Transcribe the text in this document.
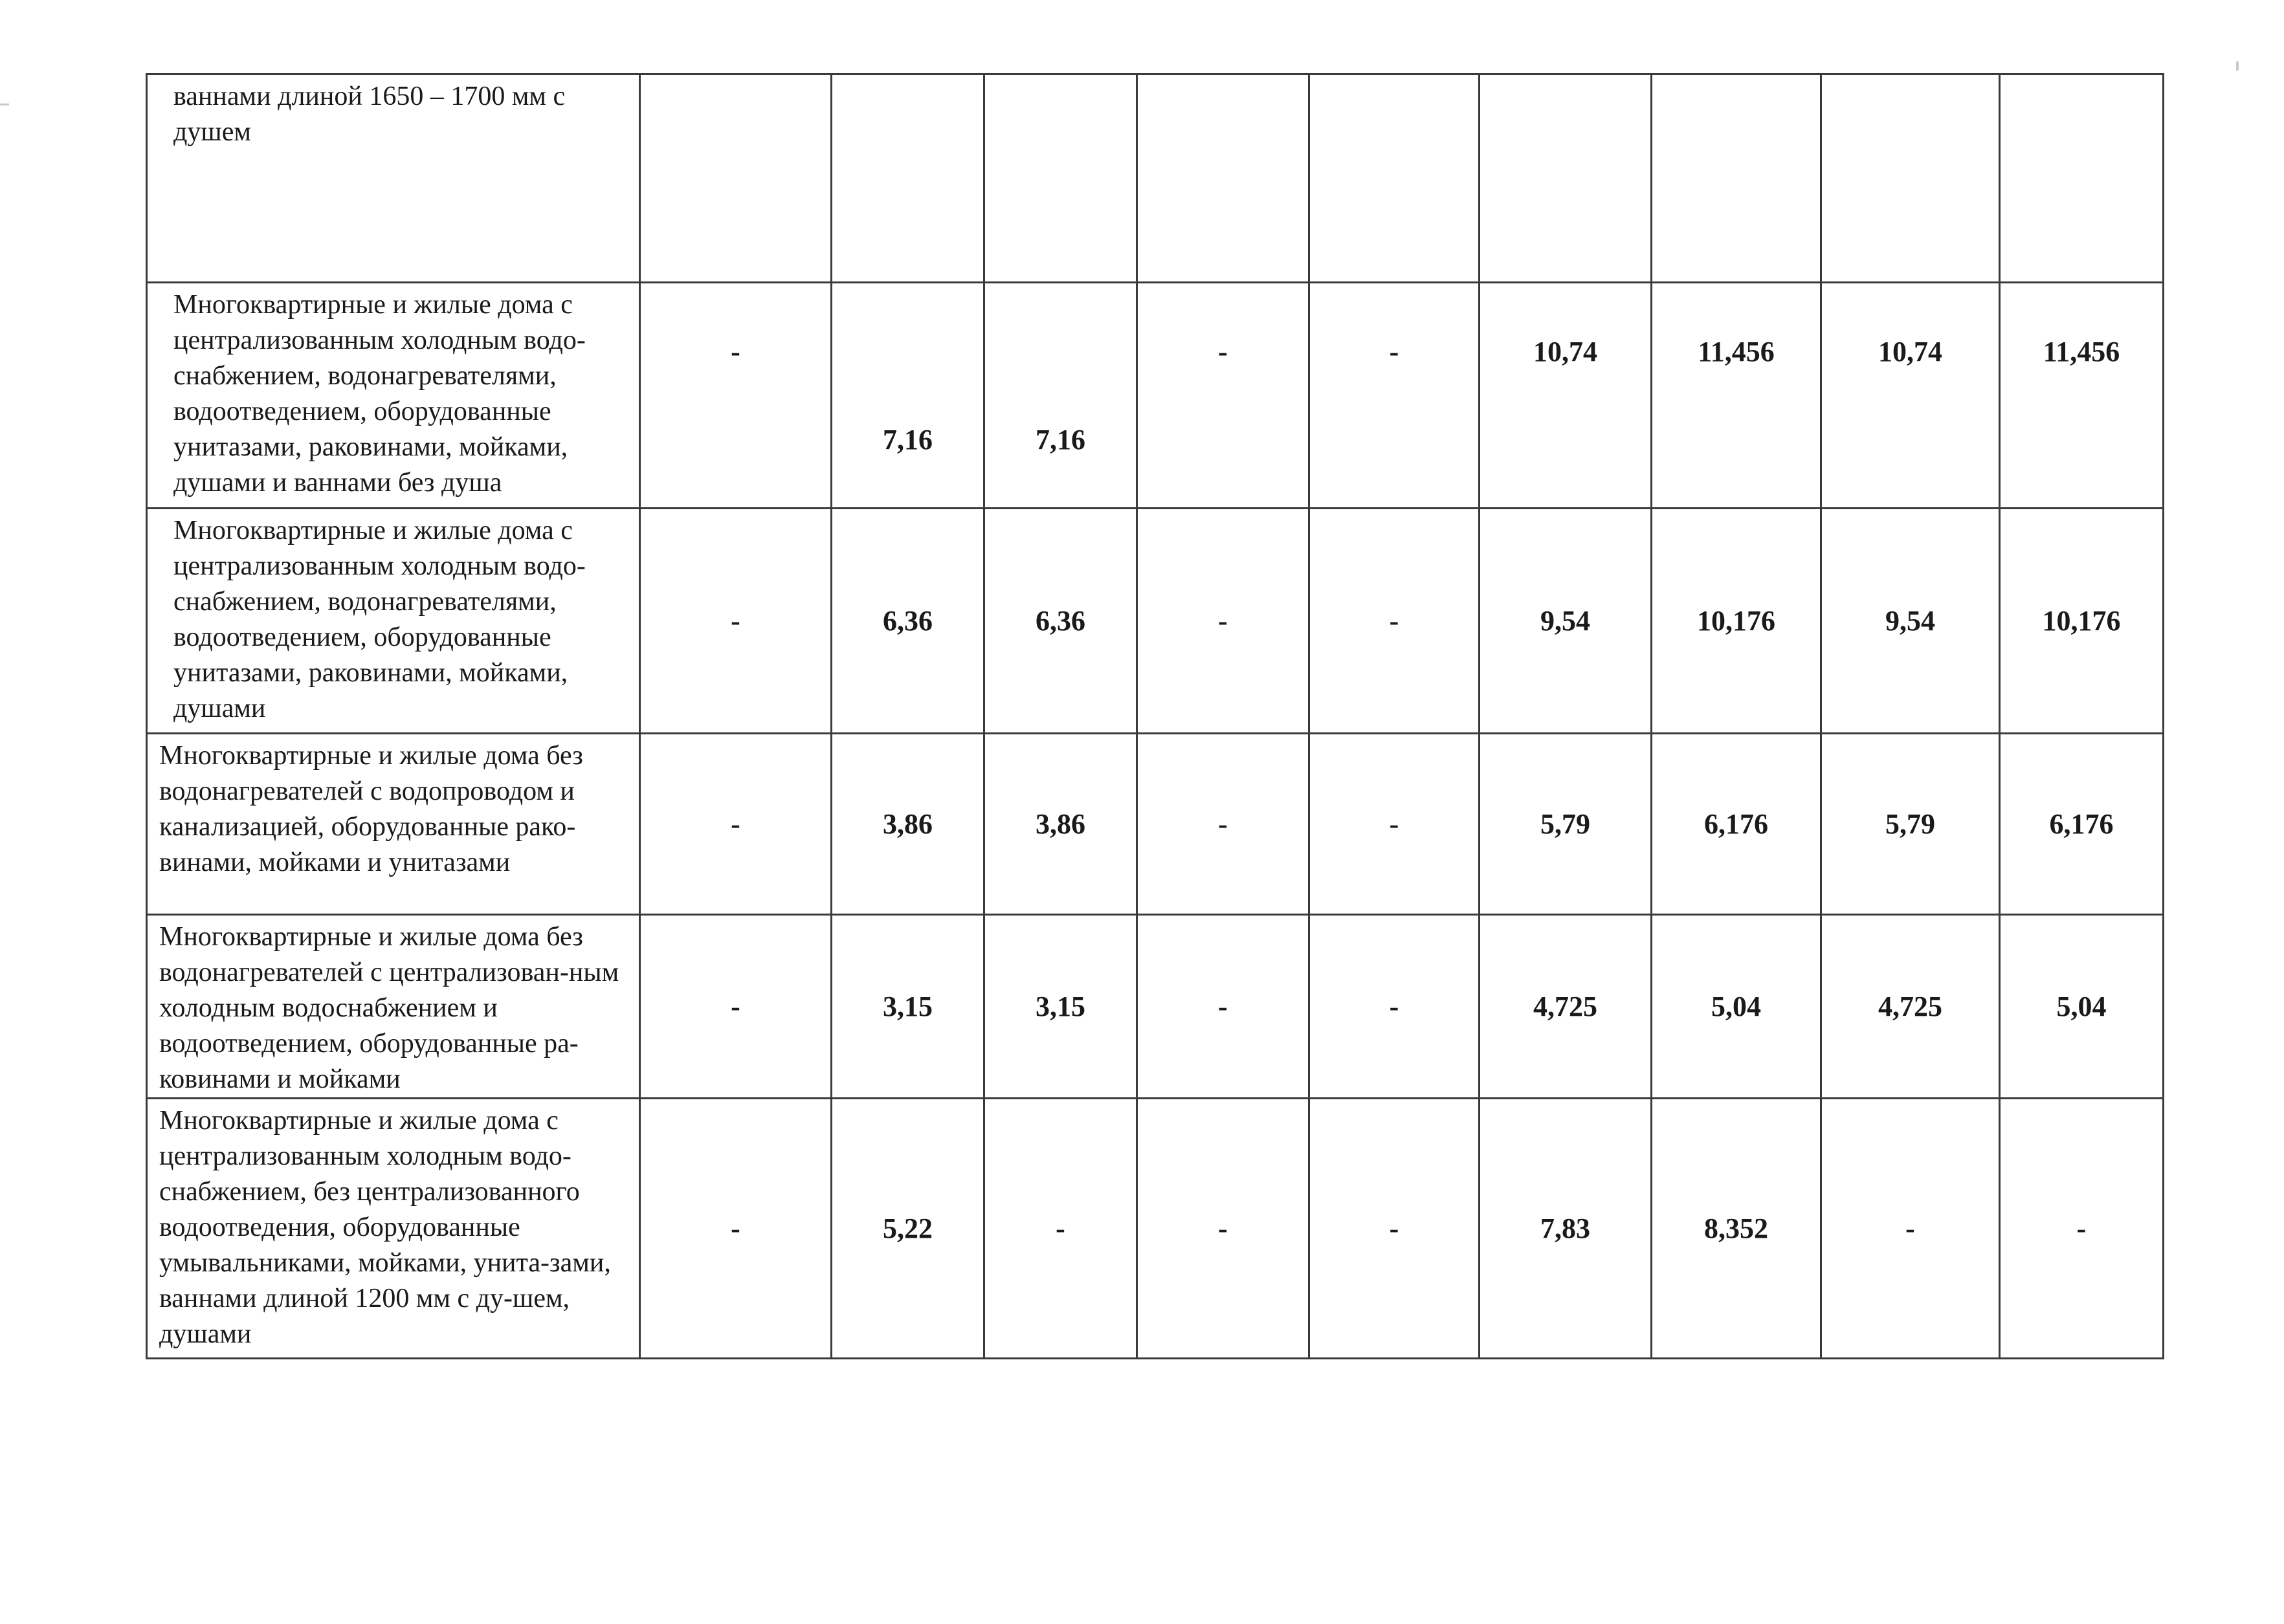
ваннами длиной 1650 – 1700 мм с душем									
Многоквартирные и жилые дома с централизованным холодным водо-снабжением, водонагревателями, водоотведением, оборудованные унитазами, раковинами, мойками, душами и ваннами без душа	-	7,16	7,16	-	-	10,74	11,456	10,74	11,456

Многоквартирные и жилые дома с централизованным холодным водо-снабжением, водонагревателями, водоотведением, оборудованные унитазами, раковинами, мойками, душами	-	6,36	6,36	-	-	9,54	10,176	9,54	10,176
Многоквартирные и жилые дома без водонагревателей с водопроводом и канализацией, оборудованные рако-винами, мойками и унитазами	-	3,86	3,86	-	-	5,79	6,176	5,79	6,176
Многоквартирные и жилые дома без водонагревателей с централизован-ным холодным водоснабжением и водоотведением, оборудованные ра-ковинами и мойками	-	3,15	3,15	-	-	4,725	5,04	4,725	5,04
Многоквартирные и жилые дома с централизованным холодным водо-снабжением, без централизованного водоотведения, оборудованные умывальниками, мойками, унита-зами, ваннами длиной 1200 мм с ду-шем, душами	-	5,22	-	-	-	7,83	8,352	-	-
